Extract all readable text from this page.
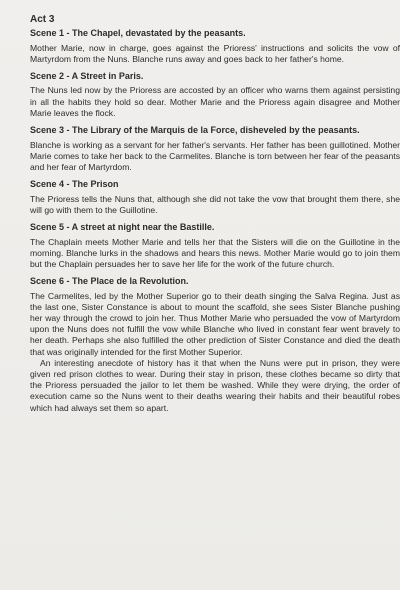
Act 3
Scene 1 - The Chapel, devastated by the peasants.

Mother Marie, now in charge, goes against the Prioress' instructions and solicits the vow of Martyrdom from the Nuns. Blanche runs away and goes back to her father's home.

Scene 2 - A Street in Paris.

The Nuns led now by the Prioress are accosted by an officer who warns them against persisting in all the habits they hold so dear. Mother Marie and the Prioress again disagree and Mother Marie leaves the flock.

Scene 3 - The Library of the Marquis de la Force, disheveled by the peasants.

Blanche is working as a servant for her father's servants. Her father has been guillotined. Mother Marie comes to take her back to the Carmelites. Blanche is torn between her fear of the peasants and her fear of Martyrdom.

Scene 4 - The Prison

The Prioress tells the Nuns that, although she did not take the vow that brought them there, she will go with them to the Guillotine.

Scene 5 - A street at night near the Bastille.

The Chaplain meets Mother Marie and tells her that the Sisters will die on the Guillotine in the morning. Blanche lurks in the shadows and hears this news. Mother Marie would go to join them but the Chaplain persuades her to save her life for the work of the future church.

Scene 6 - The Place de la Revolution.

The Carmelites, led by the Mother Superior go to their death singing the Salva Regina. Just as the last one, Sister Constance is about to mount the scaffold, she sees Sister Blanche pushing her way through the crowd to join her. Thus Mother Marie who persuaded the vow of Martyrdom upon the Nuns does not fulfill the vow while Blanche who lived in constant fear went bravely to her death. Perhaps she also fulfilled the other prediction of Sister Constance and died the death that was originally intended for the first Mother Superior.

An interesting anecdote of history has it that when the Nuns were put in prison, they were given red prison clothes to wear. During their stay in prison, these clothes became so dirty that the Prioress persuaded the jailor to let them be washed. While they were drying, the order of execution came so the Nuns went to their deaths wearing their habits and their beautiful robes which had always set them so apart.
